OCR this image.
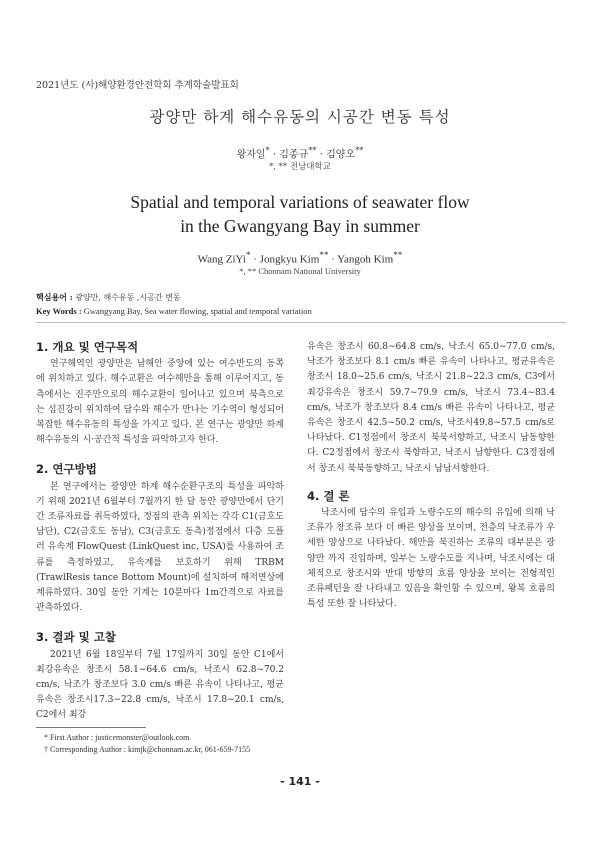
2021년도 (사)해양환경안전학회 추계학술발표회
광양만 하계 해수유동의 시공간 변동 특성
왕자일* · 김종규** · 김양오**
*, ** 전남대학교
Spatial and temporal variations of seawater flow
in the Gwangyang Bay in summer
Wang ZiYi* · Jongkyu Kim** · Yangoh Kim**
*, ** Chonnam National University
핵심용어 : 광양만, 해수유동 ,시공간 변동
Key Words : Gwangyang Bay, Sea water flowing, spatial and temporal variation
1. 개요 및 연구목적
연구해역인 광양만은 남해안 중앙에 있는 여수반도의 동쪽에 위치하고 있다. 해수교환은 여수해만을 통해 이루어지고, 동측에서는 진주만으로의 해수교환이 일어나고 있으며 북측으로는 섬진강이 위치하여 담수와 해수가 만나는 기수역이 형성되어 복잡한 해수유동의 특성을 가지고 있다. 본 연구는 광양만 하계 해수유동의 시·공간적 특성을 파악하고자 한다.
2. 연구방법
본 연구에서는 광양만 하계 해수순환구조의 특성을 파악하기 위해 2021년 6월부터 7월까지 한 달 동안 광양만에서 단기간 조류자료를 취득하였다, 정점의 관측 위치는 각각 C1(금호도 남단), C2(금호도 동남), C3(금호도 동측)정점에서 다층 도플러 유속계 FlowQuest (LinkQuest inc, USA)를 사용하여 조류를 측정하였고, 유속계를 보호하기 위해 TRBM (TrawlResis tance Bottom Mount)에 설치하여 해저면상에 계류하였다. 30일 동안 기계는 10분마다 1m간격으로 자료를 관측하였다.
3. 결과 및 고찰
2021년 6월 18일부터 7월 17일까지 30일 동안 C1에서 최강유속은 창조시 58.1∼64.6 cm/s, 낙조시 62.8∼70.2 cm/s, 낙조가 창조보다 3.0 cm/s 빠른 유속이 나타나고, 평균유속은 창조시17.3∼22.8 cm/s, 낙조시 17.8∼20.1 cm/s, C2에서 최강
유속은 창조시 60.8∼64.8 cm/s, 낙조시 65.0∼77.0 cm/s, 낙조가 창조보다 8.1 cm/s 빠른 유속이 나타나고, 평균유속은 창조시 18.0∼25.6 cm/s, 낙조시 21.8∼22.3 cm/s, C3에서 최강유속은 창조시 59.7∼79.9 cm/s, 낙조시 73.4∼83.4 cm/s, 낙조가 창조보다 8.4 cm/s 빠른 유속이 나타나고, 평균유속은 창조시 42.5∼50.2 cm/s, 낙조시49.8∼57.5 cm/s로 나타났다. C1정점에서 창조시 북북서향하고, 낙조시 남동향한다. C2정점에서 창조시 북향하고, 낙조시 남향한다. C3정점에서 창조시 북북동향하고, 낙조시 남남서향한다.
4. 결 론
낙조시에 담수의 유입과 노량수도의 해수의 유입에 의해 낙조류가 창조류 보다 더 빠른 양상을 보이며, 전층의 낙조류가 우세한 양상으로 나타났다. 해만을 북진하는 조류의 대부분은 광양만 까지 진입하며, 일부는 노량수도를 지나며, 낙조시에는 대체적으로 창조시와 반대 방향의 흐름 양상을 보이는 전형적인 조류패턴을 잘 나타내고 있음을 확인할 수 있으며, 왕복 흐름의 특성 또한 잘 나타났다.
* First Author : justicemonster@outlook.com
† Corresponding Author : kimjk@chonnam.ac.kr, 061-659-7155
- 141 -
